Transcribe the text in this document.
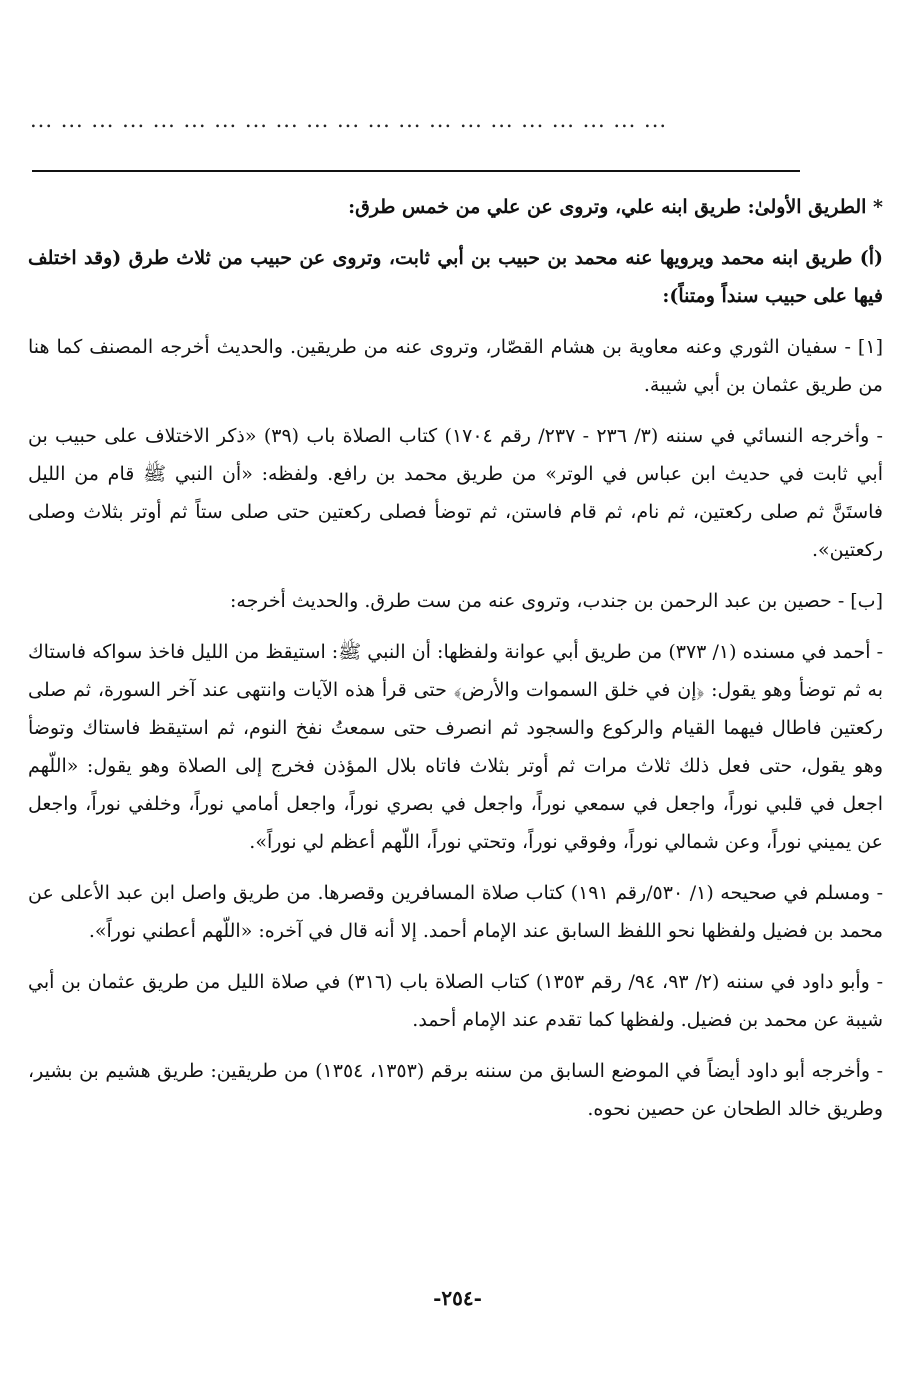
... ... ... ... ... ... ... ... ... ... ... ... ... ... ... ... ... ... ... ... ...

* الطريق الأولىٰ: طريق ابنه علي، وتروى عن علي من خمس طرق:

(أ) طريق ابنه محمد ويرويها عنه محمد بن حبيب بن أبي ثابت، وتروى عن حبيب من ثلاث طرق (وقد اختلف فيها على حبيب سنداً ومتناً):

[١] - سفيان الثوري وعنه معاوية بن هشام القصّار، وتروى عنه من طريقين. والحديث أخرجه المصنف كما هنا من طريق عثمان بن أبي شيبة.

- وأخرجه النسائي في سننه (٣/ ٢٣٦ - ٢٣٧/ رقم ١٧٠٤) كتاب الصلاة باب (٣٩) «ذكر الاختلاف على حبيب بن أبي ثابت في حديث ابن عباس في الوتر» من طريق محمد بن رافع. ولفظه: «أن النبي ﷺ قام من الليل فاستَنَّ ثم صلى ركعتين، ثم نام، ثم قام فاستن، ثم توضأ فصلى ركعتين حتى صلى ستاً ثم أوتر بثلاث وصلى ركعتين».

[ب] - حصين بن عبد الرحمن بن جندب، وتروى عنه من ست طرق. والحديث أخرجه:

- أحمد في مسنده (١/ ٣٧٣) من طريق أبي عوانة ولفظها: أن النبي ﷺ: استيقظ من الليل فاخذ سواكه فاستاك به ثم توضأ وهو يقول: ﴿إن في خلق السموات والأرض﴾ حتى قرأ هذه الآيات وانتهى عند آخر السورة، ثم صلى ركعتين فاطال فيهما القيام والركوع والسجود ثم انصرف حتى سمعتُ نفخ النوم، ثم استيقظ فاستاك وتوضأ وهو يقول، حتى فعل ذلك ثلاث مرات ثم أوتر بثلاث فاتاه بلال المؤذن فخرج إلى الصلاة وهو يقول: «اللّهم اجعل في قلبي نوراً، واجعل في سمعي نوراً، واجعل في بصري نوراً، واجعل أمامي نوراً، وخلفي نوراً، واجعل عن يميني نوراً، وعن شمالي نوراً، وفوقي نوراً، وتحتي نوراً، اللّهم أعظم لي نوراً».

- ومسلم في صحيحه (١/ ٥٣٠/رقم ١٩١) كتاب صلاة المسافرين وقصرها. من طريق واصل ابن عبد الأعلى عن محمد بن فضيل ولفظها نحو اللفظ السابق عند الإمام أحمد. إلا أنه قال في آخره: «اللّهم أعطني نوراً».

- وأبو داود في سننه (٢/ ٩٣، ٩٤/ رقم ١٣٥٣) كتاب الصلاة باب (٣١٦) في صلاة الليل من طريق عثمان بن أبي شيبة عن محمد بن فضيل. ولفظها كما تقدم عند الإمام أحمد.

- وأخرجه أبو داود أيضاً في الموضع السابق من سننه برقم (١٣٥٣، ١٣٥٤) من طريقين: طريق هشيم بن بشير، وطريق خالد الطحان عن حصين نحوه.

-٢٥٤-
